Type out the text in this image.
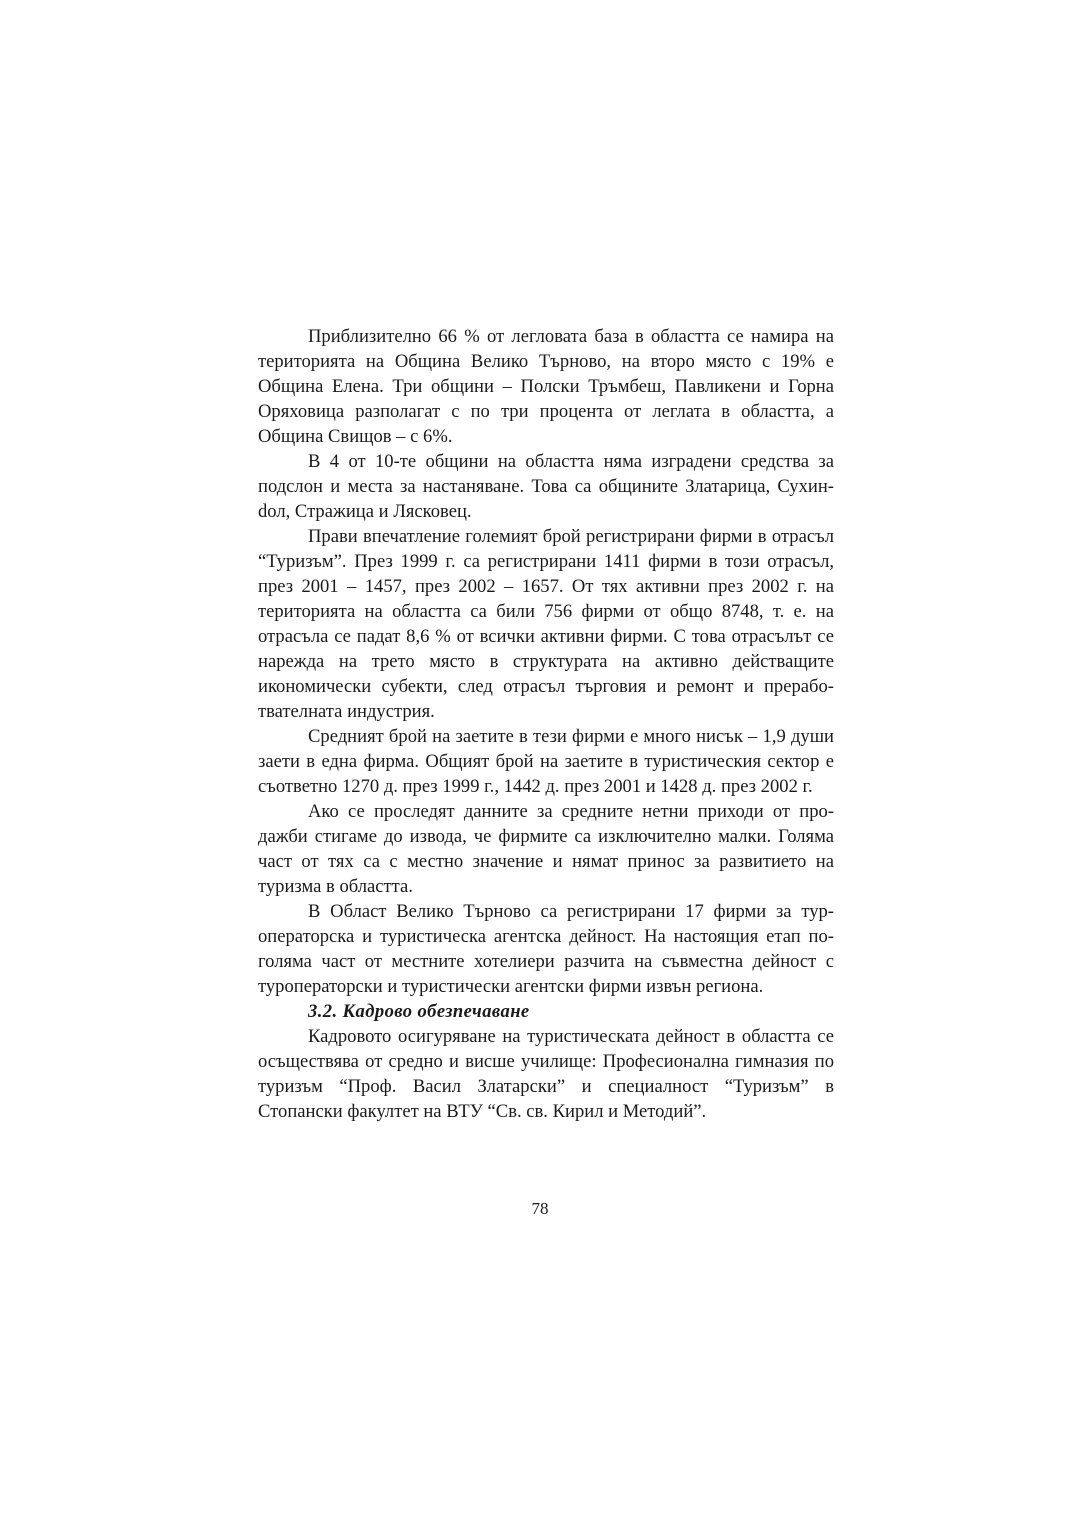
Приблизително 66 % от легловата база в областта се намира на територията на Община Велико Търново, на второ място с 19% е Община Елена. Три общини – Полски Тръмбеш, Павликени и Горна Оряховица разполагат с по три процента от леглата в областта, а Община Свищов – с 6%.

В 4 от 10-те общини на областта няма изградени средства за подслон и места за настаняване. Това са общините Златарица, Сухинdол, Стражица и Лясковец.

Прави впечатление големият брой регистрирани фирми в отрасъл “Туризъм”. През 1999 г. са регистрирани 1411 фирми в този отрасъл, през 2001 – 1457, през 2002 – 1657. От тях активни през 2002 г. на територията на областта са били 756 фирми от общо 8748, т. е. на отрасъла се падат 8,6 % от всички активни фирми. С това отрасълът се нарежда на трето място в структурата на активно действащите икономически субекти, след отрасъл търговия и ремонт и преработвателната индустрия.

Средният брой на заетите в тези фирми е много нисък – 1,9 души заети в една фирма. Общият брой на заетите в туристическия сектор е съответно 1270 д. през 1999 г., 1442 д. през 2001 и 1428 д. през 2002 г.

Ако се проследят данните за средните нетни приходи от продажби стигаме до извода, че фирмите са изключително малки. Голяма част от тях са с местно значение и нямат принос за развитието на туризма в областта.

В Област Велико Търново са регистрирани 17 фирми за туроператорска и туристическа агентска дейност. На настоящия етап по-голяма част от местните хотелиери разчита на съвместна дейност с туроператорски и туристически агентски фирми извън региона.

3.2. Кадрово обезпечаване

Кадровото осигуряване на туристическата дейност в областта се осъществява от средно и висше училище: Професионална гимназия по туризъм “Проф. Васил Златарски” и специалност “Туризъм” в Стопански факултет на ВТУ “Св. св. Кирил и Методий”.

78
